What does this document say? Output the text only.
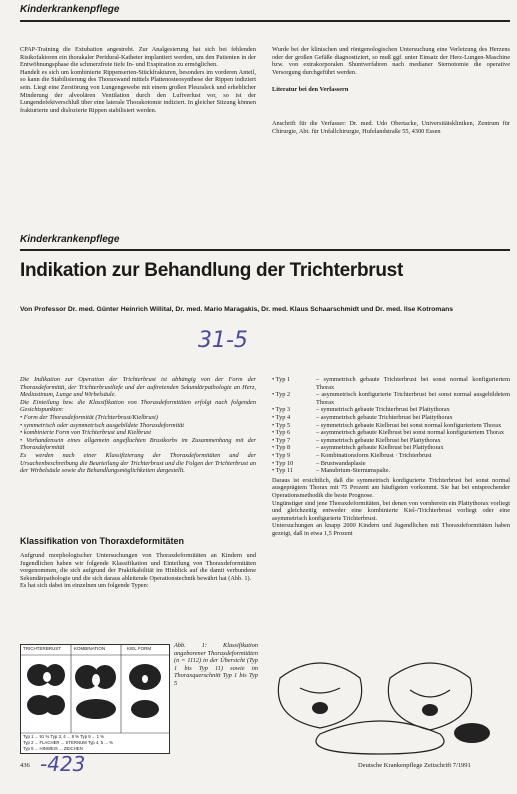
Kinderkrankenpflege

CPAP-Training die Extubation angestrebt. Zur Analgesierung hat sich bei fehlenden Risikofaktoren ein thorakaler Peridural-Katheter implantiert werden, um den Patienten in der Entwöhnungsphase die schmerzfreie tiefe In- und Exspiration zu ermöglichen.

Handelt es sich um kombinierte Rippenserien-Stückfrakturen, besonders im vorderen Anteil, so kann die Stabilisierung des Thoraxwand mittels Plattenosteosynthese der Rippen indiziert sein. Liegt eine Zerstörung von Lungengewebe mit einem großen Pleuraleck und erheblicher Minderung der alveolären Ventilation durch den Luftverlust vor, so ist der Lungendefektverschluß über eine laterale Thorakotomie indiziert. In gleicher Sitzung können frakturierte und dislozierte Rippen stabilisiert werden.

Wurde bei der klinischen und röntgenologischen Untersuchung eine Verletzung des Herzens oder der großen Gefäße diagnostiziert, so muß ggf. unter Einsatz der Herz-Lungen-Maschine bzw. von extrakorporalen Shuntverfahren nach medianer Sternotomie die operative Versorgung durchgeführt werden.

Literatur bei den Verfassern

Anschrift für die Verfasser: Dr. med. Udo Obertacke, Universitätskliniken, Zentrum für Chirurgie, Abt. für Unfallchirurgie, Hufelandstraße 55, 4300 Essen

Kinderkrankenpflege
Indikation zur Behandlung der Trichterbrust
Von Professor Dr. med. Günter Heinrich Willital, Dr. med. Mario Maragakis, Dr. med. Klaus Schaarschmidt und Dr. med. Ilse Kotromans
31-5

Die Indikation zur Operation der Trichterbrust ist abhängig von der Form der Thoraxdeformität, der Trichterbrustliefe und der auftretenden Sekundärpathologie an Herz, Mediastinum, Lunge und Wirbelsäule.

Die Einteilung bzw. die Klassifikation von Thoraxdeformitäten erfolgt nach folgenden Gesichtspunkten:

• Form der Thoraxdeformität (Trichterbrust/Kielbrust)

• symmetrisch oder asymmetrisch ausgebildete Thoraxdeformität

• kombinierte Form von Trichterbrust und Kielbrust

• Vorhandensein eines allgemein angeflachten Brustkorbs im Zusammenhang mit der Thoraxdeformität

Es werden nach einer Klassifizierung der Thoraxdeformitäten und der Ursachenbeschreibung die Beurteilung der Trichterbrust und die Folgen der Trichterbrust an der Wirbelsäule sowie die Behandlungsmöglichkeiten dargestellt.

Klassifikation von Thoraxdeformitäten

Aufgrund morphologischer Untersuchungen von Thoraxdeformitäten an Kindern und Jugendlichen haben wir folgende Klassifikation und Einteilung von Thoraxdeformitäten vorgenommen, die sich aufgrund der Praktikabilität im Hinblick auf die damit verbundene Sekundärpathologie und die sich daraus ableitende Operationstechnik bewährt hat (Abb. 1).

Es hat sich dabei im einzelnen um folgende Typen:

• Typ 1	– symmetrisch gebaute Trichterbrust bei sonst normal konfiguriertem Thorax
• Typ 2	– asymmetrisch konfigurierte Trichterbrust bei sonst normal ausgebildetem Thorax
• Typ 3	– symmetrisch gebaute Trichterbrust bei Plattythorax
• Typ 4	– asymmetrisch gebaute Trichterbrust bei Plattythorax
• Typ 5	– symmetrisch gebaute Kielbrust bei sonst normal konfiguriertem Thorax
• Typ 6	– asymmetrisch gebaute Kielbrust bei sonst normal konfiguriertem Thorax
• Typ 7	– symmetrisch gebaute Kielbrust bei Plattythorax
• Typ 8	– asymmetrisch gebaute Kielbrust bei Plattythorax
• Typ 9	– Kombinationsform Kielbrust · Trichterbrust
• Typ 10	– Brustwandaplasie
• Typ 11	– Manubrium-Sternumspalte.

Daraus ist ersichtlich, daß die symmetrisch konfigurierte Trichterbrust bei sonst normal ausgeprägtem Thorax mit 75 Prozent am häufigsten vorkommt. Sie hat bei entsprechender Operationsmethodik die beste Prognose.

Ungünstiger sind jene Thoraxdeformitäten, bei denen von vornherein ein Plattythorax vorliegt und gleichzeitig entweder eine kombinierte Kiel-/Trichterbrust vorliegt oder eine asymmetrisch konfigurierte Trichterbrust.

Untersuchungen an knapp 2000 Kindern und Jugendlichen mit Thoraxdeformitäten haben gezeigt, daß in etwa 1,5 Prozent

TRICHTERBRUST	KOMBINATION	KIEL FORM
Typ 1 ... 91 % Typ 3, 4 ... 8 % Typ 9 ... 1 %
Typ 2 ... FLACHER ... STERNUM Typ 4, 5 ... %
Typ 5 ... HINWEIS ... ZEICHEN
Abb. 1: Klassifikation angeborener Thoraxdeformitäten (n = 1112) in der Übersicht (Typ 1 bis Typ 11) sowie im Thoraxquerschnitt Typ 1 bis Typ 5
436 -423	Deutsche Krankenpflege Zeitschrift 7/1991
